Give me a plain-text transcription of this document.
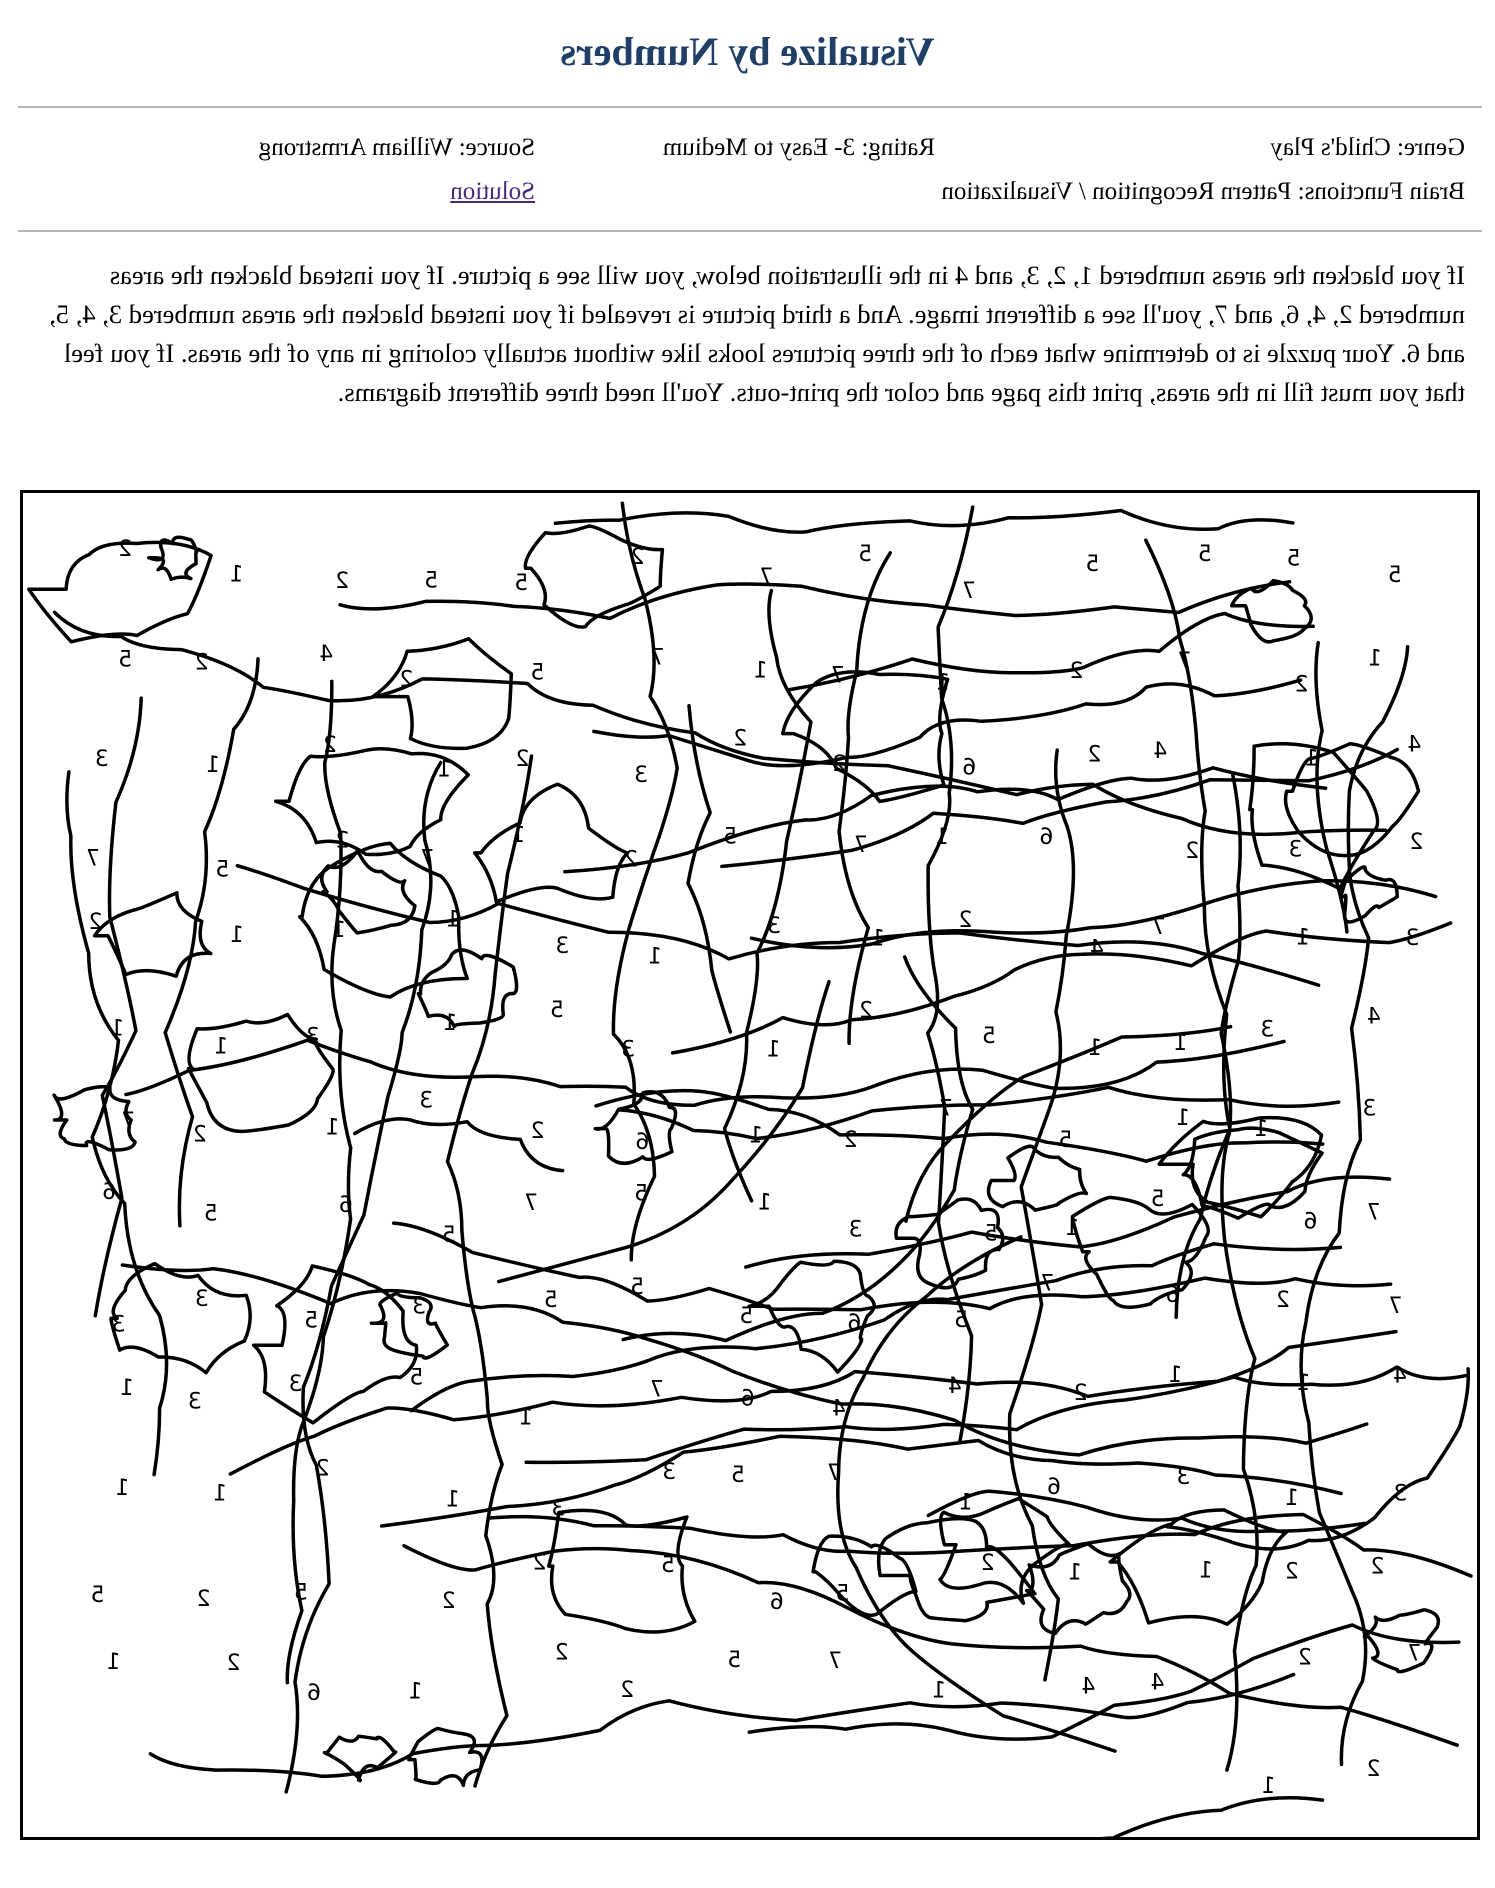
Visualize by Numbers
Genre: Child's Play
Rating: 3- Easy to Medium
Source: William Armstrong
Brain Functions: Pattern Recognition / Visualization
Solution
If you blacken the areas numbered 1, 2, 3, and 4 in the illustration below, you will see a picture. If you instead blacken the areas numbered 2, 4, 6, and 7, you'll see a different image. And a third picture is revealed if you instead blacken the areas numbered 3, 4, 5, and 6. Your puzzle is to determine what each of the three pictures looks like without actually coloring in any of the areas. If you feel that you must fill in the areas, print this page and color the print-outs. You'll need three different diagrams.
5
5
5
5
7
5
7
2
5
5
2
1
2
1
2
7
2
1
7
1
7
5
2
4
2
5
4
1
4
2
6
2
2
3
2
1
2
1
3
2
3
2
6
1
7
5
2
1
7
2
5
7
3
1
7
4
2
1
3
1
3
1
1
1
2
4
3
1
1
5
2
1
3
5
1
3
1
1
3
1
1
5
7
2
1
6
2
3
1
2
7
7
6
5
1
5
3
1
5
7
5
6
5
6
7
2
6
7
5
6
5
5
5
3
5
3
3
4
1
1
2
4
4
6
7
1
5
3
3
1
3
1
3
6
1
7
5
3
3
1
2
1
1
2
2
1
1
2
5
6
5
2
2
5
2
5
7
2
4
4
1
7
5
2
2
1
6
2
1
2
1
